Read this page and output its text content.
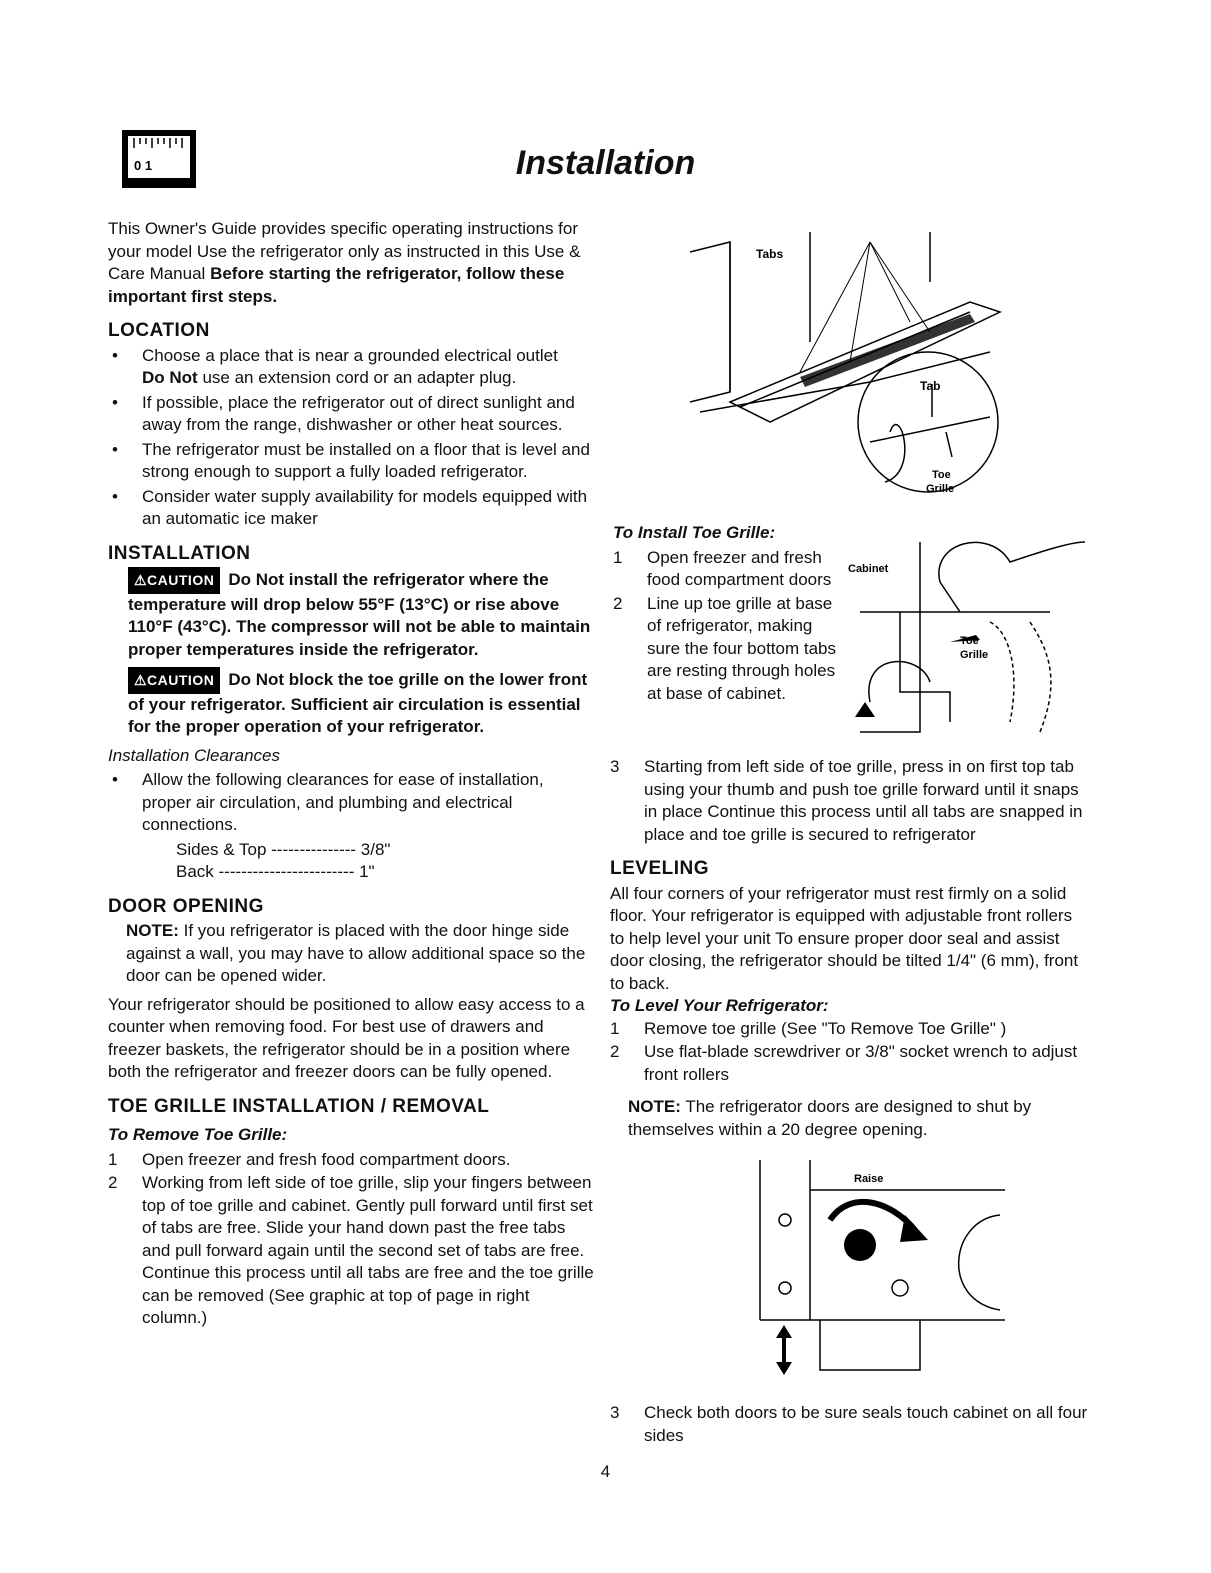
0 1	Installation
This Owner's Guide provides specific operating instructions for your model Use the refrigerator only as instructed in this Use & Care Manual Before starting the refrigerator, follow these important first steps.
LOCATION
• Choose a place that is near a grounded electrical outlet
Do Not use an extension cord or an adapter plug.
• If possible, place the refrigerator out of direct sunlight and away from the range, dishwasher or other heat sources.
• The refrigerator must be installed on a floor that is level and strong enough to support a fully loaded refrigerator.
• Consider water supply availability for models equipped with an automatic ice maker
INSTALLATION
⚠CAUTION Do Not install the refrigerator where the temperature will drop below 55°F (13°C) or rise above 110°F (43°C). The compressor will not be able to maintain proper temperatures inside the refrigerator.
⚠CAUTION Do Not block the toe grille on the lower front of your refrigerator. Sufficient air circulation is essential for the proper operation of your refrigerator.
Installation Clearances
• Allow the following clearances for ease of installation, proper air circulation, and plumbing and electrical connections.
Sides & Top --------------- 3/8"
Back ------------------------ 1"
DOOR OPENING
NOTE: If you refrigerator is placed with the door hinge side against a wall, you may have to allow additional space so the door can be opened wider.
Your refrigerator should be positioned to allow easy access to a counter when removing food. For best use of drawers and freezer baskets, the refrigerator should be in a position where both the refrigerator and freezer doors can be fully opened.
TOE GRILLE INSTALLATION / REMOVAL
To Remove Toe Grille:
1 Open freezer and fresh food compartment doors.
2 Working from left side of toe grille, slip your fingers between top of toe grille and cabinet. Gently pull forward until first set of tabs are free. Slide your hand down past the free tabs and pull forward again until the second set of tabs are free. Continue this process until all tabs are free and the toe grille can be removed (See graphic at top of page in right column.)
Tabs
Tab
Toe
Grille
To Install Toe Grille:
1 Open freezer and fresh food compartment doors
2 Line up toe grille at base of refrigerator, making sure the four bottom tabs are resting through holes at base of cabinet.
Cabinet
Toe
Grille
3 Starting from left side of toe grille, press in on first top tab using your thumb and push toe grille forward until it snaps in place Continue this process until all tabs are snapped in place and toe grille is secured to refrigerator
LEVELING
All four corners of your refrigerator must rest firmly on a solid floor. Your refrigerator is equipped with adjustable front rollers to help level your unit To ensure proper door seal and assist door closing, the refrigerator should be tilted 1/4" (6 mm), front to back.
To Level Your Refrigerator:
1 Remove toe grille (See "To Remove Toe Grille" )
2 Use flat-blade screwdriver or 3/8" socket wrench to adjust front rollers
NOTE: The refrigerator doors are designed to shut by themselves within a 20 degree opening.
Raise
3 Check both doors to be sure seals touch cabinet on all four sides
4
